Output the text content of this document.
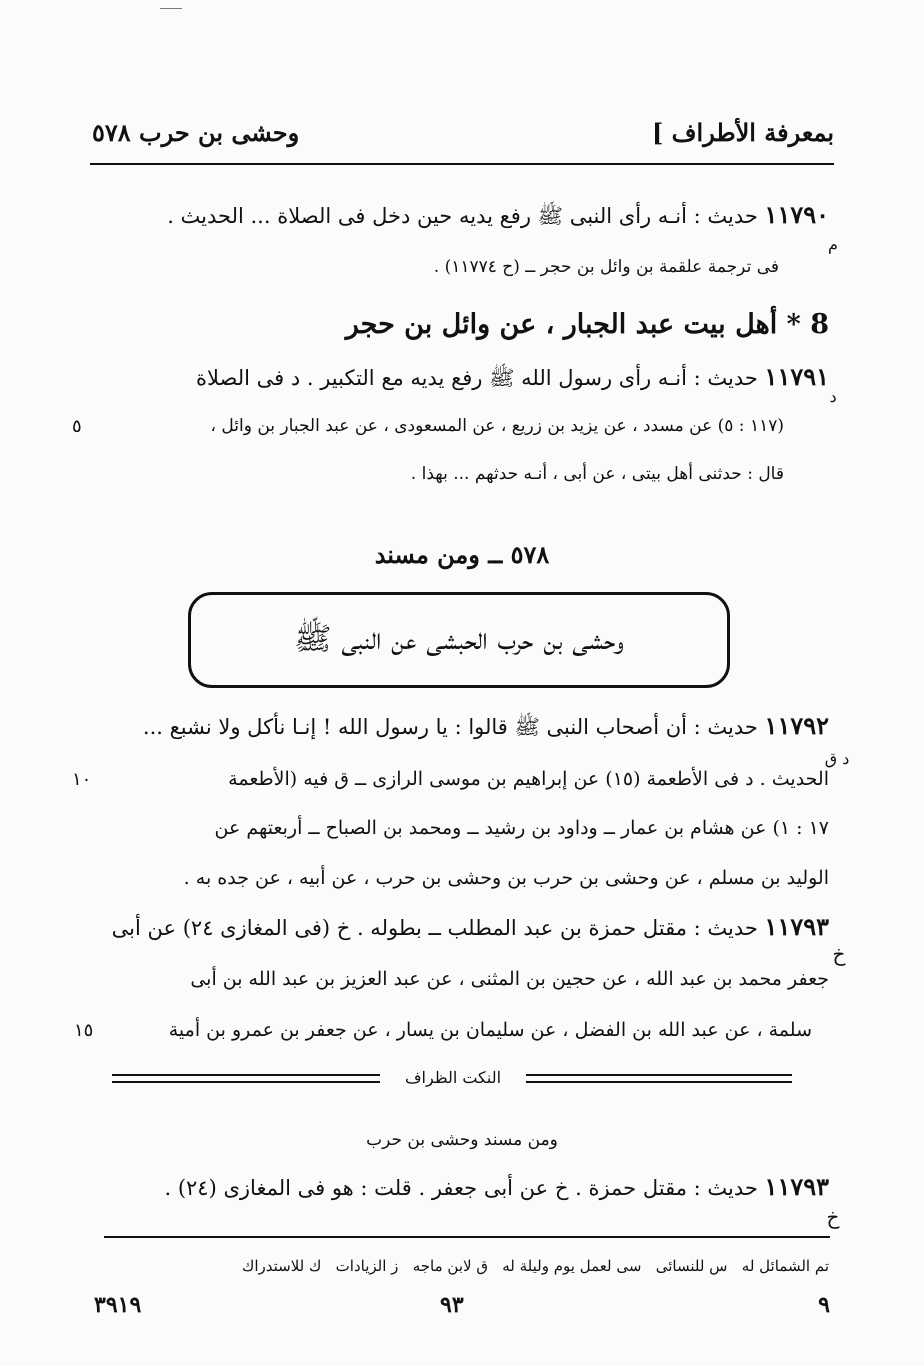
بمعرفة الأطراف ]
وحشى بن حرب ٥٧٨
١١٧٩٠ حديث : أنـه رأى النبى ﷺ رفع يديه حين دخل فى الصلاة ... الحديث .
م
فى ترجمة علقمة بن وائل بن حجر ــ (ح ١١٧٧٤) .
8 * أهل بيت عبد الجبار ، عن وائل بن حجر
١١٧٩١ حديث : أنـه رأى رسول الله ﷺ رفع يديه مع التكبير . د فى الصلاة
د
(١١٧ : ٥) عن مسدد ، عن يزيد بن زريع ، عن المسعودى ، عن عبد الجبار بن وائل ،
٥
قال : حدثنى أهل بيتى ، عن أبى ، أنـه حدثهم ... بهذا .
٥٧٨ ــ ومن مسند
وحشى بن حرب الحبشى عن النبى ﷺ
١١٧٩٢ حديث : أن أصحاب النبى ﷺ قالوا : يا رسول الله ! إنـا نأكل ولا نشبع ...
د ق
الحديث . د فى الأطعمة (١٥) عن إبراهيم بن موسى الرازى ــ ق فيه (الأطعمة
١٠
١٧ : ١) عن هشام بن عمار ــ وداود بن رشيد ــ ومحمد بن الصباح ــ أربعتهم عن
الوليد بن مسلم ، عن وحشى بن حرب بن وحشى بن حرب ، عن أبيه ، عن جده به .
١١٧٩٣ حديث : مقتل حمزة بن عبد المطلب ــ بطوله . خ (فى المغازى ٢٤) عن أبى
خ
جعفر محمد بن عبد الله ، عن حجين بن المثنى ، عن عبد العزيز بن عبد الله بن أبى
سلمة ، عن عبد الله بن الفضل ، عن سليمان بن يسار ، عن جعفر بن عمرو بن أمية
١٥
النكت الظراف
ومن مسند وحشى بن حرب
١١٧٩٣ حديث : مقتل حمزة . خ عن أبى جعفر . قلت : هو فى المغازى (٢٤) .
خ
تم الشمائل له   س للنسائى   سى لعمل يوم وليلة له   ق لابن ماجه   ز الزيادات   ك للاستدراك
٣٩١٩	٩٣	٩
